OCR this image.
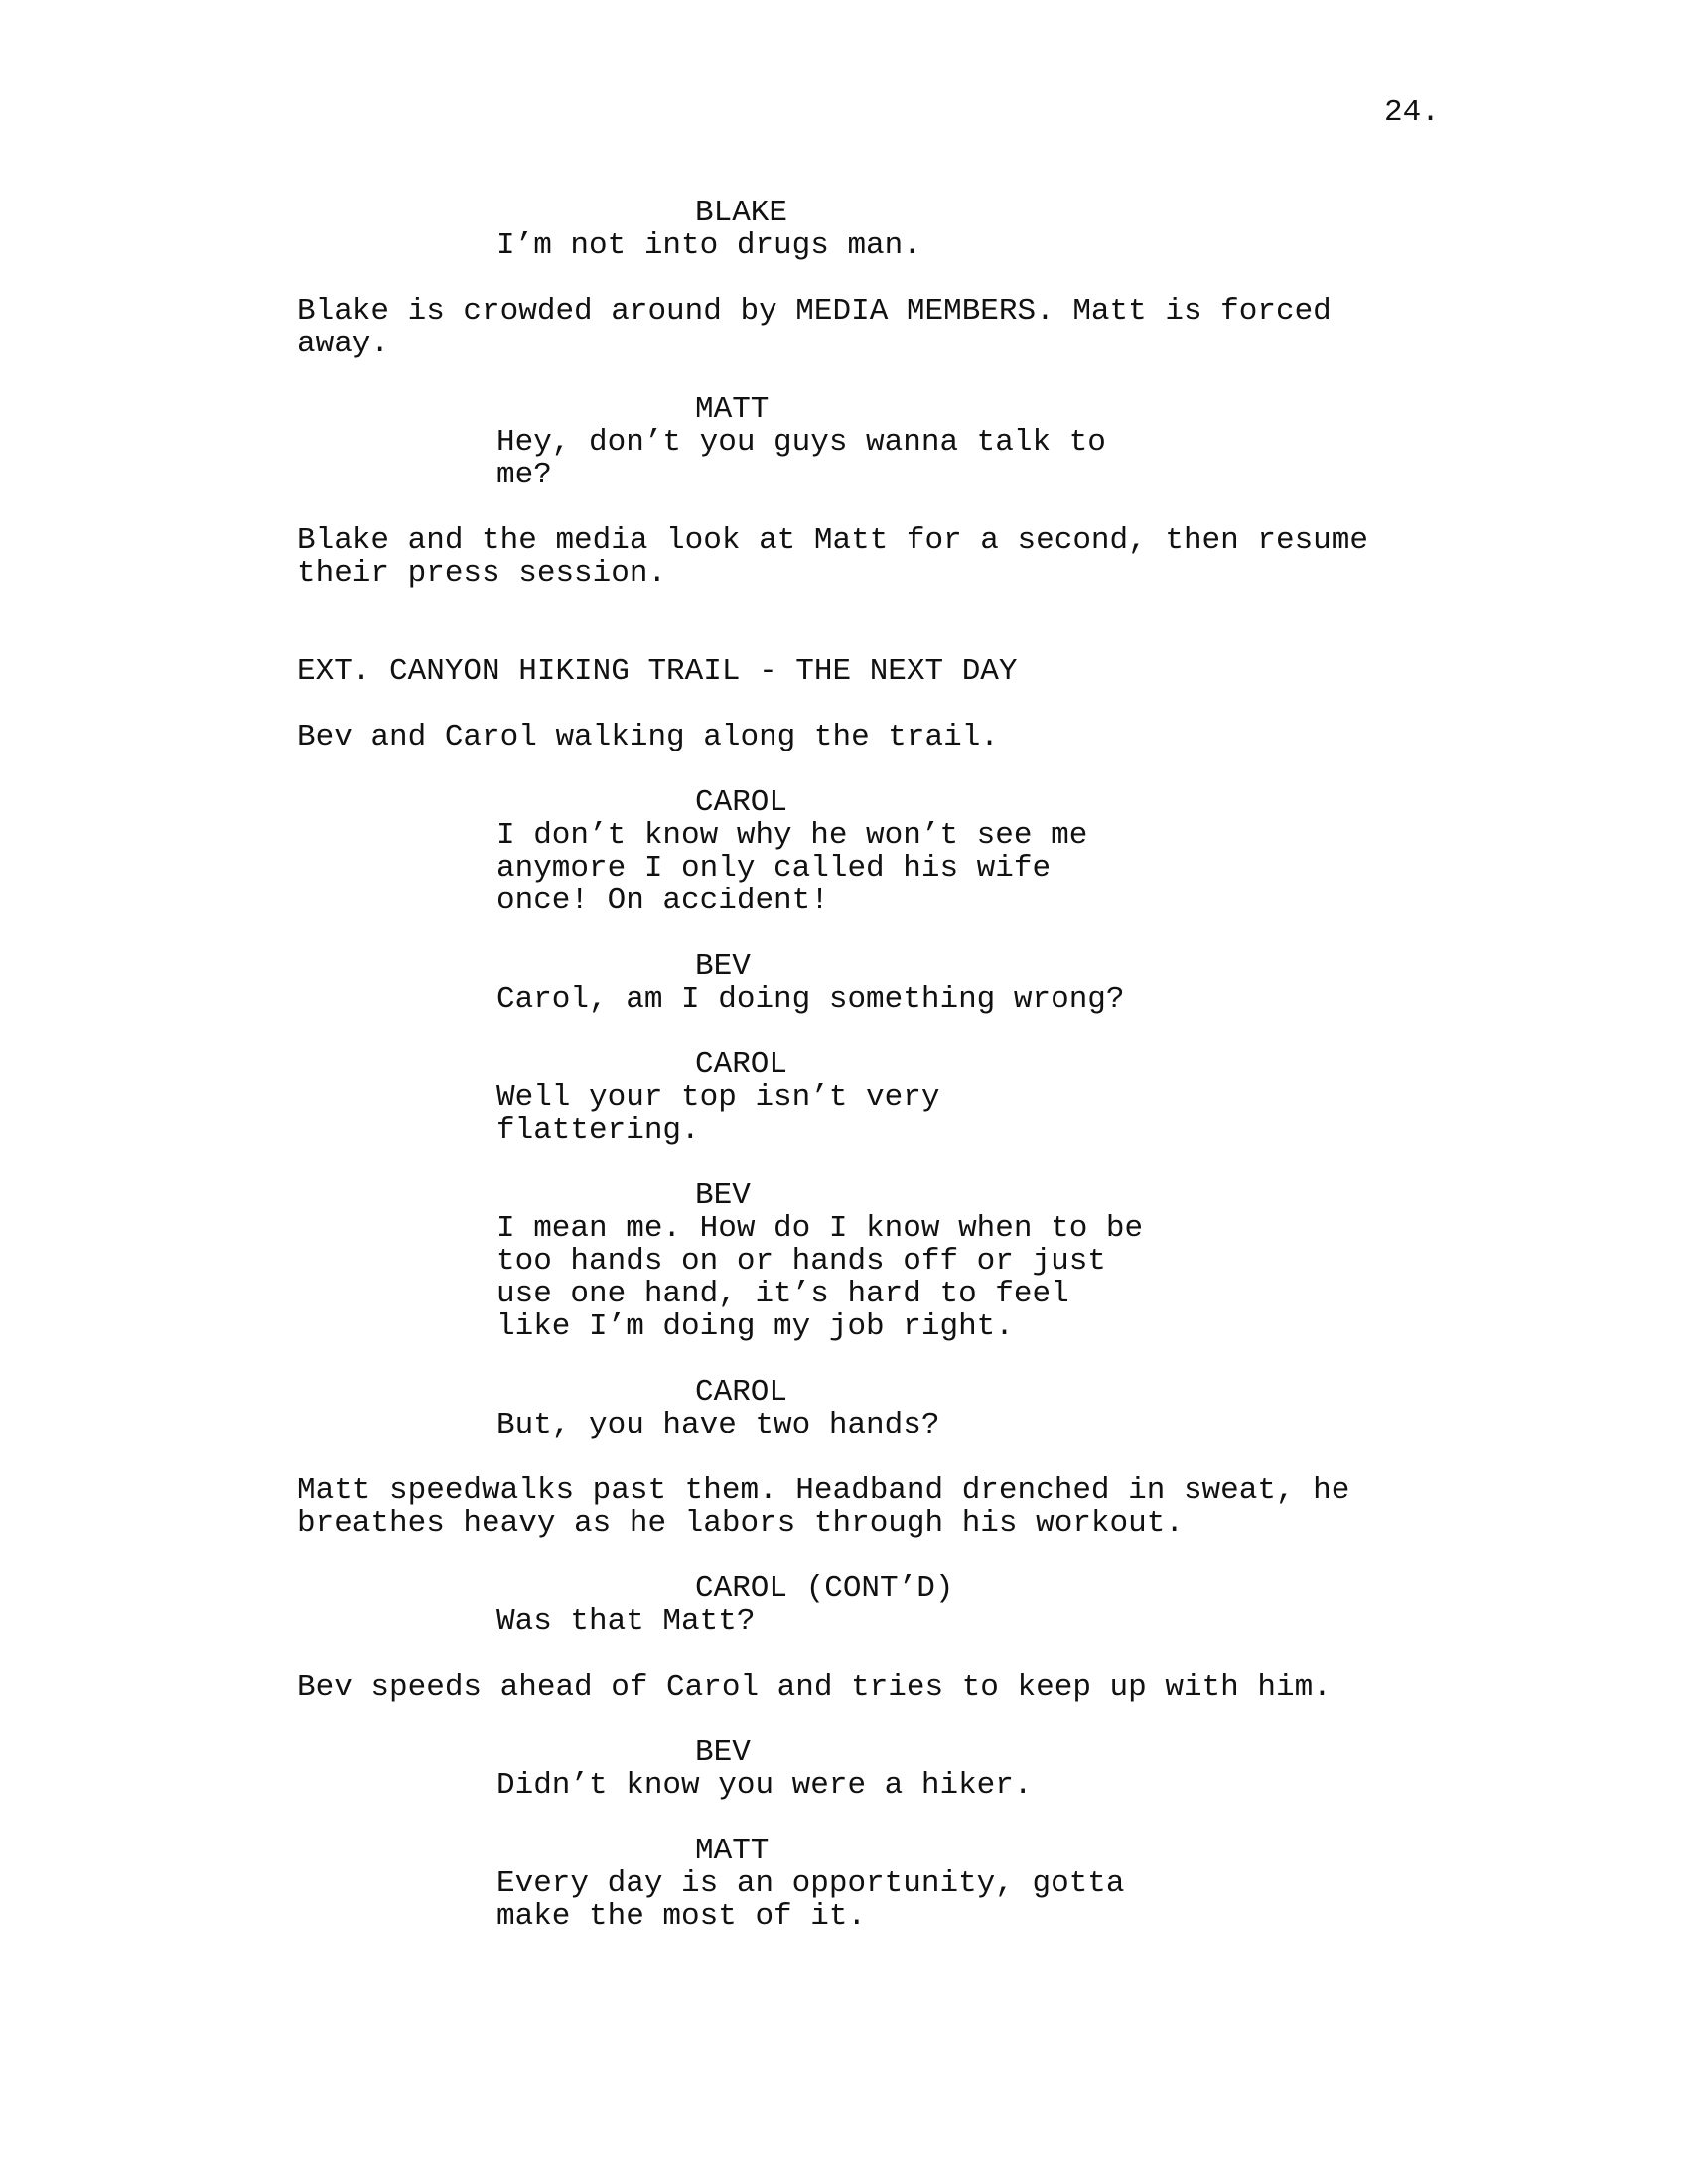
24.
BLAKE
I’m not into drugs man.
Blake is crowded around by MEDIA MEMBERS. Matt is forced
away.
MATT
Hey, don’t you guys wanna talk to
me?
Blake and the media look at Matt for a second, then resume
their press session.
EXT. CANYON HIKING TRAIL - THE NEXT DAY
Bev and Carol walking along the trail.
CAROL
I don’t know why he won’t see me
anymore I only called his wife
once! On accident!
BEV
Carol, am I doing something wrong?
CAROL
Well your top isn’t very
flattering.
BEV
I mean me. How do I know when to be
too hands on or hands off or just
use one hand, it’s hard to feel
like I’m doing my job right.
CAROL
But, you have two hands?
Matt speedwalks past them. Headband drenched in sweat, he
breathes heavy as he labors through his workout.
CAROL (CONT’D)
Was that Matt?
Bev speeds ahead of Carol and tries to keep up with him.
BEV
Didn’t know you were a hiker.
MATT
Every day is an opportunity, gotta
make the most of it.
